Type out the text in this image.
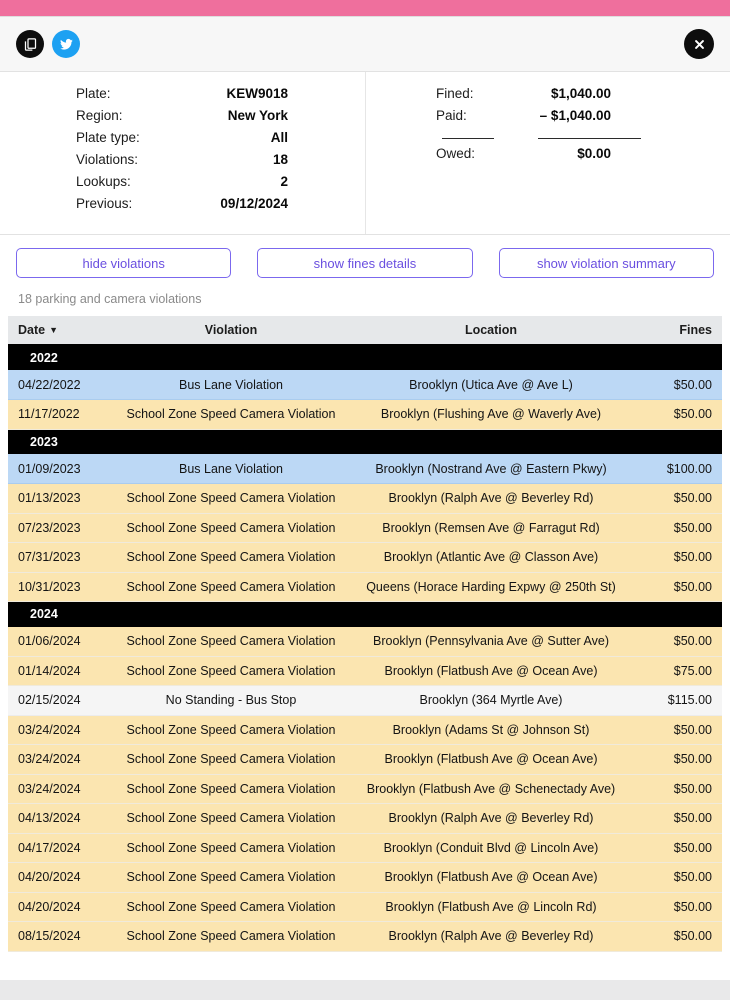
Plate:	KEW9018
Region:	New York
Plate type:	All
Violations:	18
Lookups:	2
Previous:	09/12/2024
Fined:	$1,040.00
Paid:	– $1,040.00
Owed:	$0.00
hide violations	show fines details	show violation summary
18 parking and camera violations
Date ▼	Violation	Location	Fines
2022			
04/22/2022	Bus Lane Violation	Brooklyn (Utica Ave @ Ave L)	$50.00
11/17/2022	School Zone Speed Camera Violation	Brooklyn (Flushing Ave @ Waverly Ave)	$50.00
2023			
01/09/2023	Bus Lane Violation	Brooklyn (Nostrand Ave @ Eastern Pkwy)	$100.00
01/13/2023	School Zone Speed Camera Violation	Brooklyn (Ralph Ave @ Beverley Rd)	$50.00
07/23/2023	School Zone Speed Camera Violation	Brooklyn (Remsen Ave @ Farragut Rd)	$50.00
07/31/2023	School Zone Speed Camera Violation	Brooklyn (Atlantic Ave @ Classon Ave)	$50.00
10/31/2023	School Zone Speed Camera Violation	Queens (Horace Harding Expwy @ 250th St)	$50.00
2024			
01/06/2024	School Zone Speed Camera Violation	Brooklyn (Pennsylvania Ave @ Sutter Ave)	$50.00
01/14/2024	School Zone Speed Camera Violation	Brooklyn (Flatbush Ave @ Ocean Ave)	$75.00
02/15/2024	No Standing - Bus Stop	Brooklyn (364 Myrtle Ave)	$115.00
03/24/2024	School Zone Speed Camera Violation	Brooklyn (Adams St @ Johnson St)	$50.00
03/24/2024	School Zone Speed Camera Violation	Brooklyn (Flatbush Ave @ Ocean Ave)	$50.00
03/24/2024	School Zone Speed Camera Violation	Brooklyn (Flatbush Ave @ Schenectady Ave)	$50.00
04/13/2024	School Zone Speed Camera Violation	Brooklyn (Ralph Ave @ Beverley Rd)	$50.00
04/17/2024	School Zone Speed Camera Violation	Brooklyn (Conduit Blvd @ Lincoln Ave)	$50.00
04/20/2024	School Zone Speed Camera Violation	Brooklyn (Flatbush Ave @ Ocean Ave)	$50.00
04/20/2024	School Zone Speed Camera Violation	Brooklyn (Flatbush Ave @ Lincoln Rd)	$50.00
08/15/2024	School Zone Speed Camera Violation	Brooklyn (Ralph Ave @ Beverley Rd)	$50.00
